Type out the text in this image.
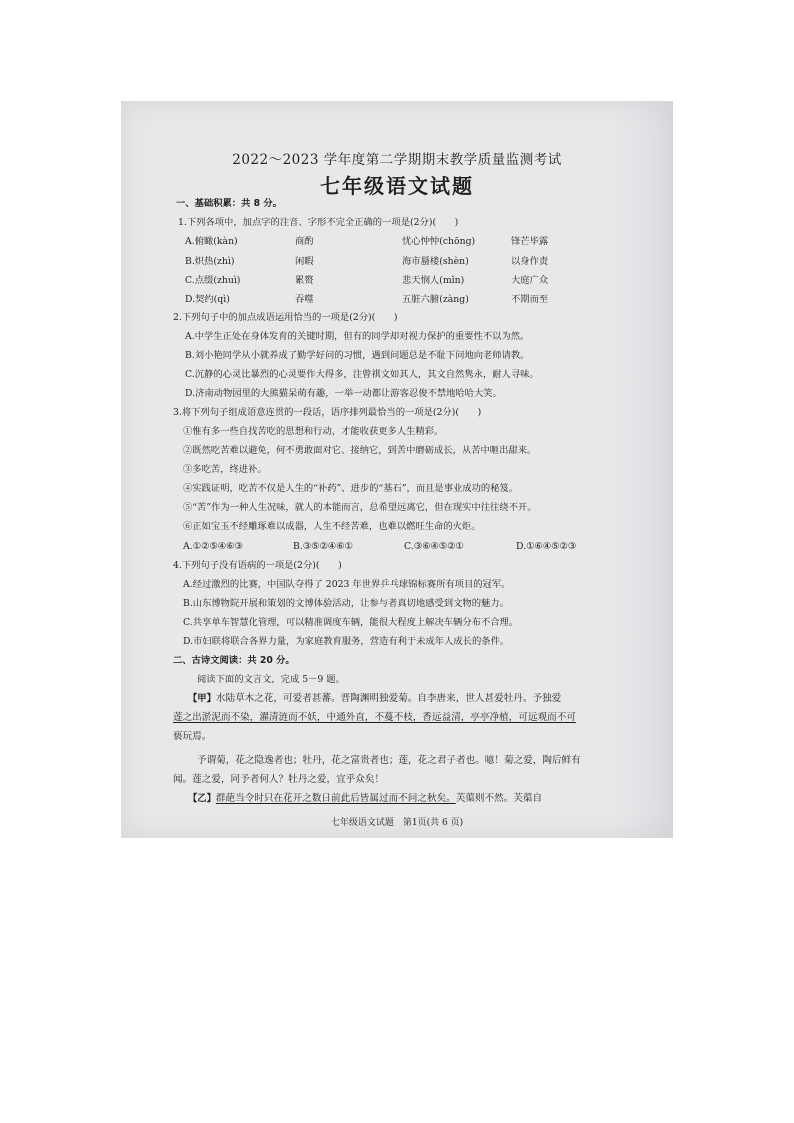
2022～2023 学年度第二学期期末教学质量监测考试
七年级语文试题
一、基础积累：共 8 分。
1.下列各项中，加点字的注音、字形不完全正确的一项是(2分)(　　)
A.俯瞰(kàn)	商酌	忧心忡忡(chōng)	锋芒毕露
B.炽热(zhì)	闲暇	海市蜃楼(shèn)	以身作责
C.点缀(zhuì)	累赘	悲天悯人(mǐn)	大庭广众
D.契约(qì)	吞噬	五脏六腑(zàng)	不期而至
2.下列句子中的加点成语运用恰当的一项是(2分)(　　)
A.中学生正处在身体发育的关键时期，但有的同学却对视力保护的重要性不以为然。
B.刘小艳同学从小就养成了勤学好问的习惯，遇到问题总是不耻下问地向老师请教。
C.沉静的心灵比暴烈的心灵要作大得多，注曾祺文如其人，其文自然隽永，耐人寻味。
D.济南动物园里的大熊猫呆萌有趣，一举一动都让游客忍俊不禁地哈哈大笑。
3.将下列句子组成语意连贯的一段话，语序排列最恰当的一项是(2分)(　　)
①惟有多一些自找苦吃的思想和行动，才能收获更多人生精彩。
②既然吃苦难以避免，何不勇敢面对它、接纳它，到苦中磨砺成长，从苦中咂出甜来。
③多吃苦，终进补。
④实践证明，吃苦不仅是人生的“补药”、进步的“基石”，而且是事业成功的秘笈。
⑤“苦”作为一种人生况味，就人的本能而言，总希望远离它，但在现实中往往绕不开。
⑥正如宝玉不经雕琢难以成器，人生不经苦难，也难以燃旺生命的火炬。
A.①②⑤④⑥③	B.③⑤②④⑥①	C.③⑥④⑤②①	D.①⑥④⑤②③
4.下列句子没有语病的一项是(2分)(　　)
A.经过激烈的比赛，中国队夺得了 2023 年世界乒乓球锦标赛所有项目的冠军。
B.山东博物院开展和策划的文博体验活动，让参与者真切地感受到文物的魅力。
C.共享单车智慧化管理，可以精准调度车辆，能很大程度上解决车辆分布不合理。
D.市妇联将联合各界力量，为家庭教育服务，营造有利于未成年人成长的条件。
二、古诗文阅读：共 20 分。
阅读下面的文言文，完成 5－9 题。
【甲】水陆草木之花，可爱者甚蕃。晋陶渊明独爱菊。自李唐来，世人甚爱牡丹。予独爱
莲之出淤泥而不染，濯清涟而不妖，中通外直，不蔓不枝，香远益清，亭亭净植，可远观而不可
亵玩焉。
予谓菊，花之隐逸者也；牡丹，花之富贵者也；莲，花之君子者也。噫！菊之爱，陶后鲜有
闻。莲之爱，同予者何人？牡丹之爱，宜乎众矣！
【乙】群葩当令时只在花开之数日前此后皆属过而不问之秋矣。芙蕖则不然。芙蕖自
七年级语文试题　第1页(共 6 页)
